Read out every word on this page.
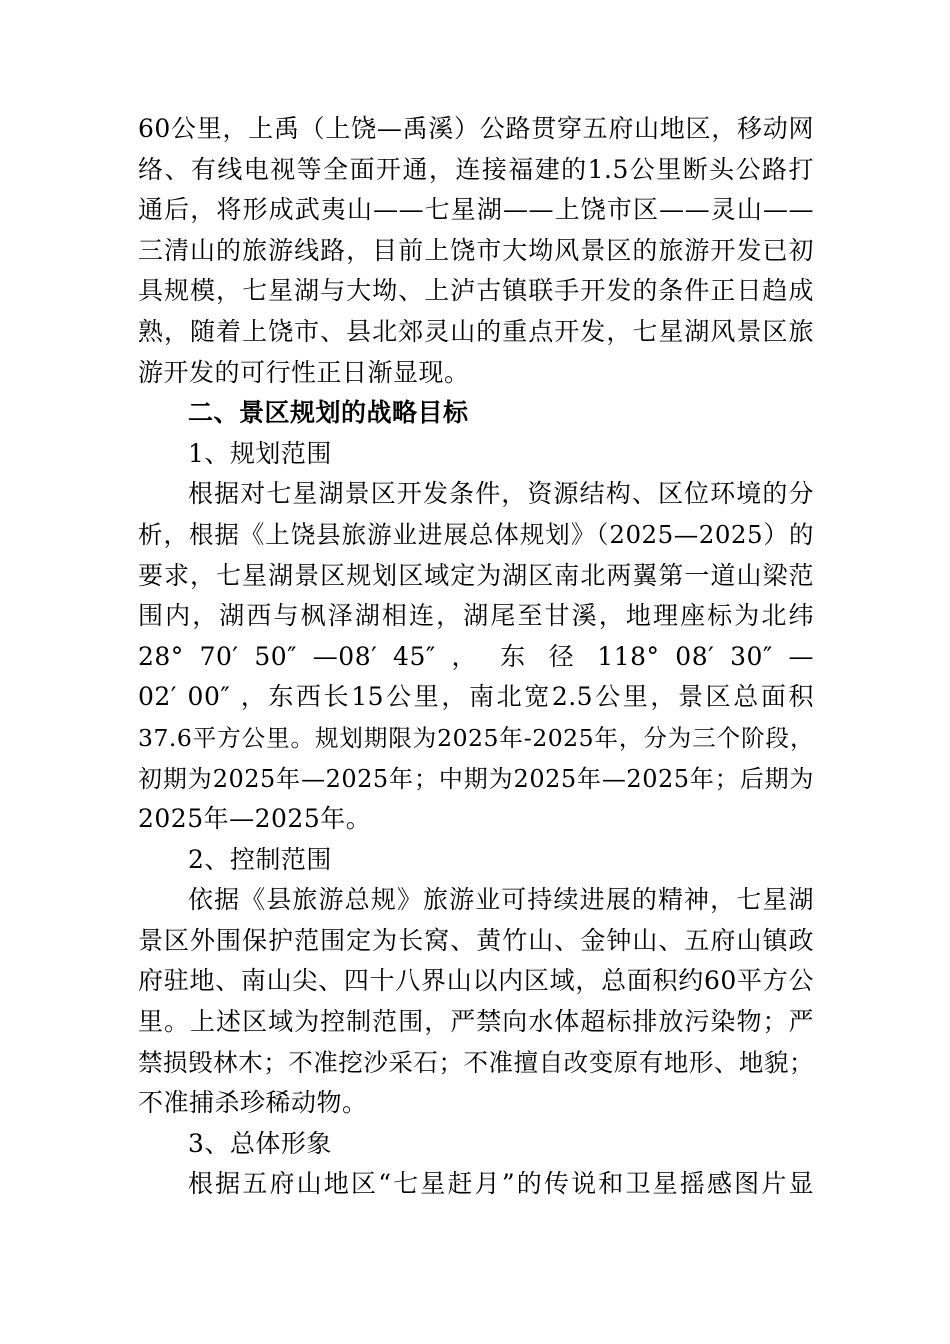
60公里，上禹（上饶—禹溪）公路贯穿五府山地区，移动网
络、有线电视等全面开通，连接福建的1.5公里断头公路打
通后，将形成武夷山——七星湖——上饶市区——灵山——
三清山的旅游线路，目前上饶市大坳风景区的旅游开发已初
具规模，七星湖与大坳、上泸古镇联手开发的条件正日趋成
熟，随着上饶市、县北郊灵山的重点开发，七星湖风景区旅
游开发的可行性正日渐显现。
二、景区规划的战略目标
1、规划范围
根据对七星湖景区开发条件，资源结构、区位环境的分
析，根据《上饶县旅游业进展总体规划》（2025—2025）的
要求，七星湖景区规划区域定为湖区南北两翼第一道山梁范
围内，湖西与枫泽湖相连，湖尾至甘溪，地理座标为北纬
28° 70′ 50″ —08′ 45″ ， 东 径 118° 08′ 30″ —
02′ 00″ ，东西长15公里，南北宽2.5公里，景区总面积
37.6平方公里。规划期限为2025年-2025年，分为三个阶段，
初期为2025年—2025年；中期为2025年—2025年；后期为
2025年—2025年。
2、控制范围
依据《县旅游总规》旅游业可持续进展的精神，七星湖
景区外围保护范围定为长窝、黄竹山、金钟山、五府山镇政
府驻地、南山尖、四十八界山以内区域，总面积约60平方公
里。上述区域为控制范围，严禁向水体超标排放污染物；严
禁损毁林木；不准挖沙采石；不准擅自改变原有地形、地貌；
不准捕杀珍稀动物。
3、总体形象
根据五府山地区“七星赶月”的传说和卫星摇感图片显
